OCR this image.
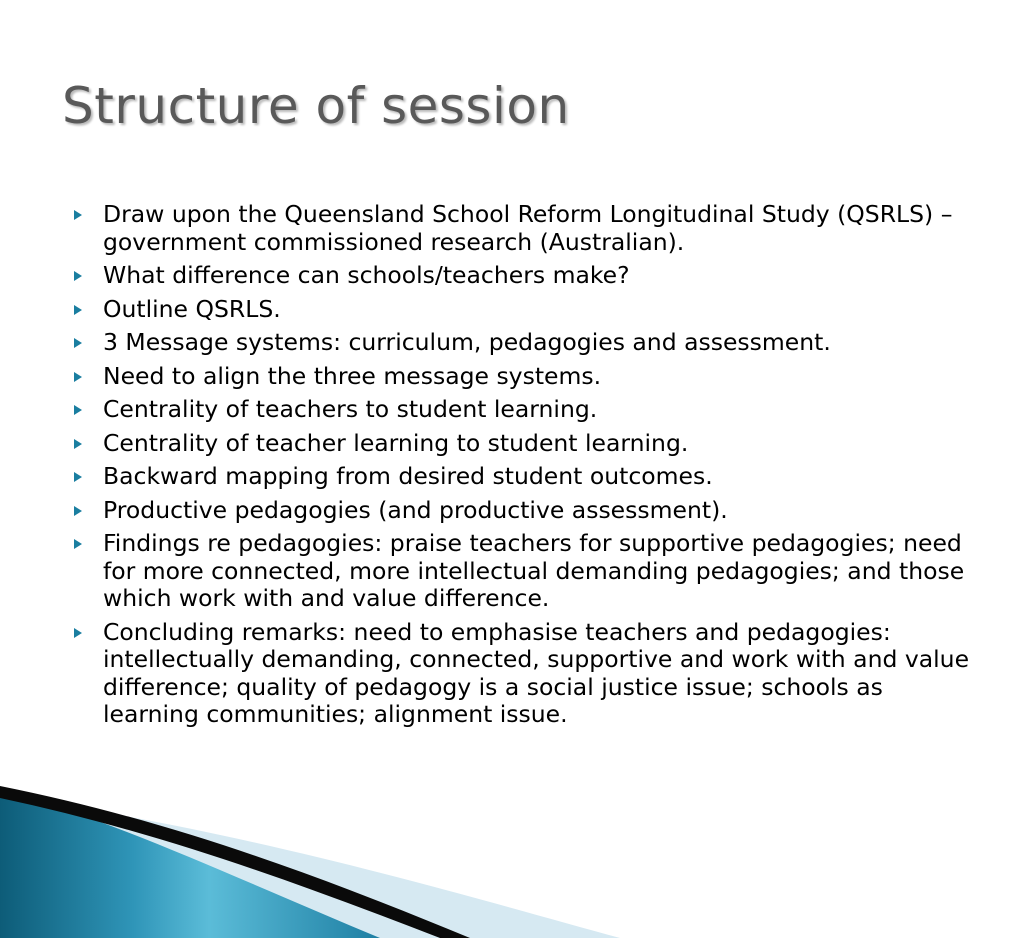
Structure of session
Draw upon the Queensland School Reform Longitudinal Study (QSRLS) – government commissioned research (Australian).
What difference can schools/teachers make?
Outline QSRLS.
3 Message systems: curriculum, pedagogies and assessment.
Need to align the three message systems.
Centrality of teachers to student learning.
Centrality of teacher learning to student learning.
Backward mapping from desired student outcomes.
Productive pedagogies (and productive assessment).
Findings re pedagogies: praise teachers for supportive pedagogies; need for more connected, more intellectual demanding pedagogies; and those which work with and value difference.
Concluding remarks: need to emphasise teachers and pedagogies: intellectually demanding, connected, supportive and work with and value difference; quality of pedagogy is a social justice issue; schools as learning communities; alignment issue.
